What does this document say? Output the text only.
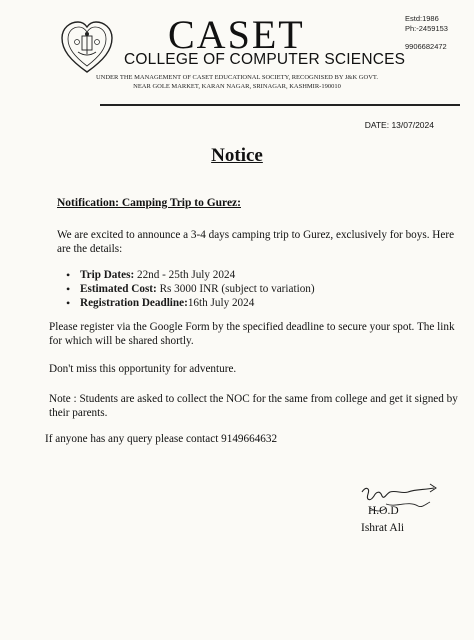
CASET
COLLEGE OF COMPUTER SCIENCES
Estd:1986
Ph:-2459153
9906682472
UNDER THE MANAGEMENT OF CASET EDUCATIONAL SOCIETY, RECOGNISED BY J&K GOVT.
NEAR GOLE MARKET, KARAN NAGAR, SRINAGAR, KASHMIR-190010
DATE: 13/07/2024
Notice
Notification: Camping Trip to Gurez:
We are excited to announce a 3-4 days camping trip to Gurez, exclusively for boys. Here are the details:
• Trip Dates: 22nd - 25th July 2024
• Estimated Cost: Rs 3000 INR (subject to variation)
• Registration Deadline:16th July 2024
Please register via the Google Form by the specified deadline to secure your spot. The link for which will be shared shortly.
Don't miss this opportunity for adventure.
Note : Students are asked to collect the NOC for the same from college and get it signed by their parents.
If anyone has any query please contact 9149664632
H.O.D
Ishrat Ali
